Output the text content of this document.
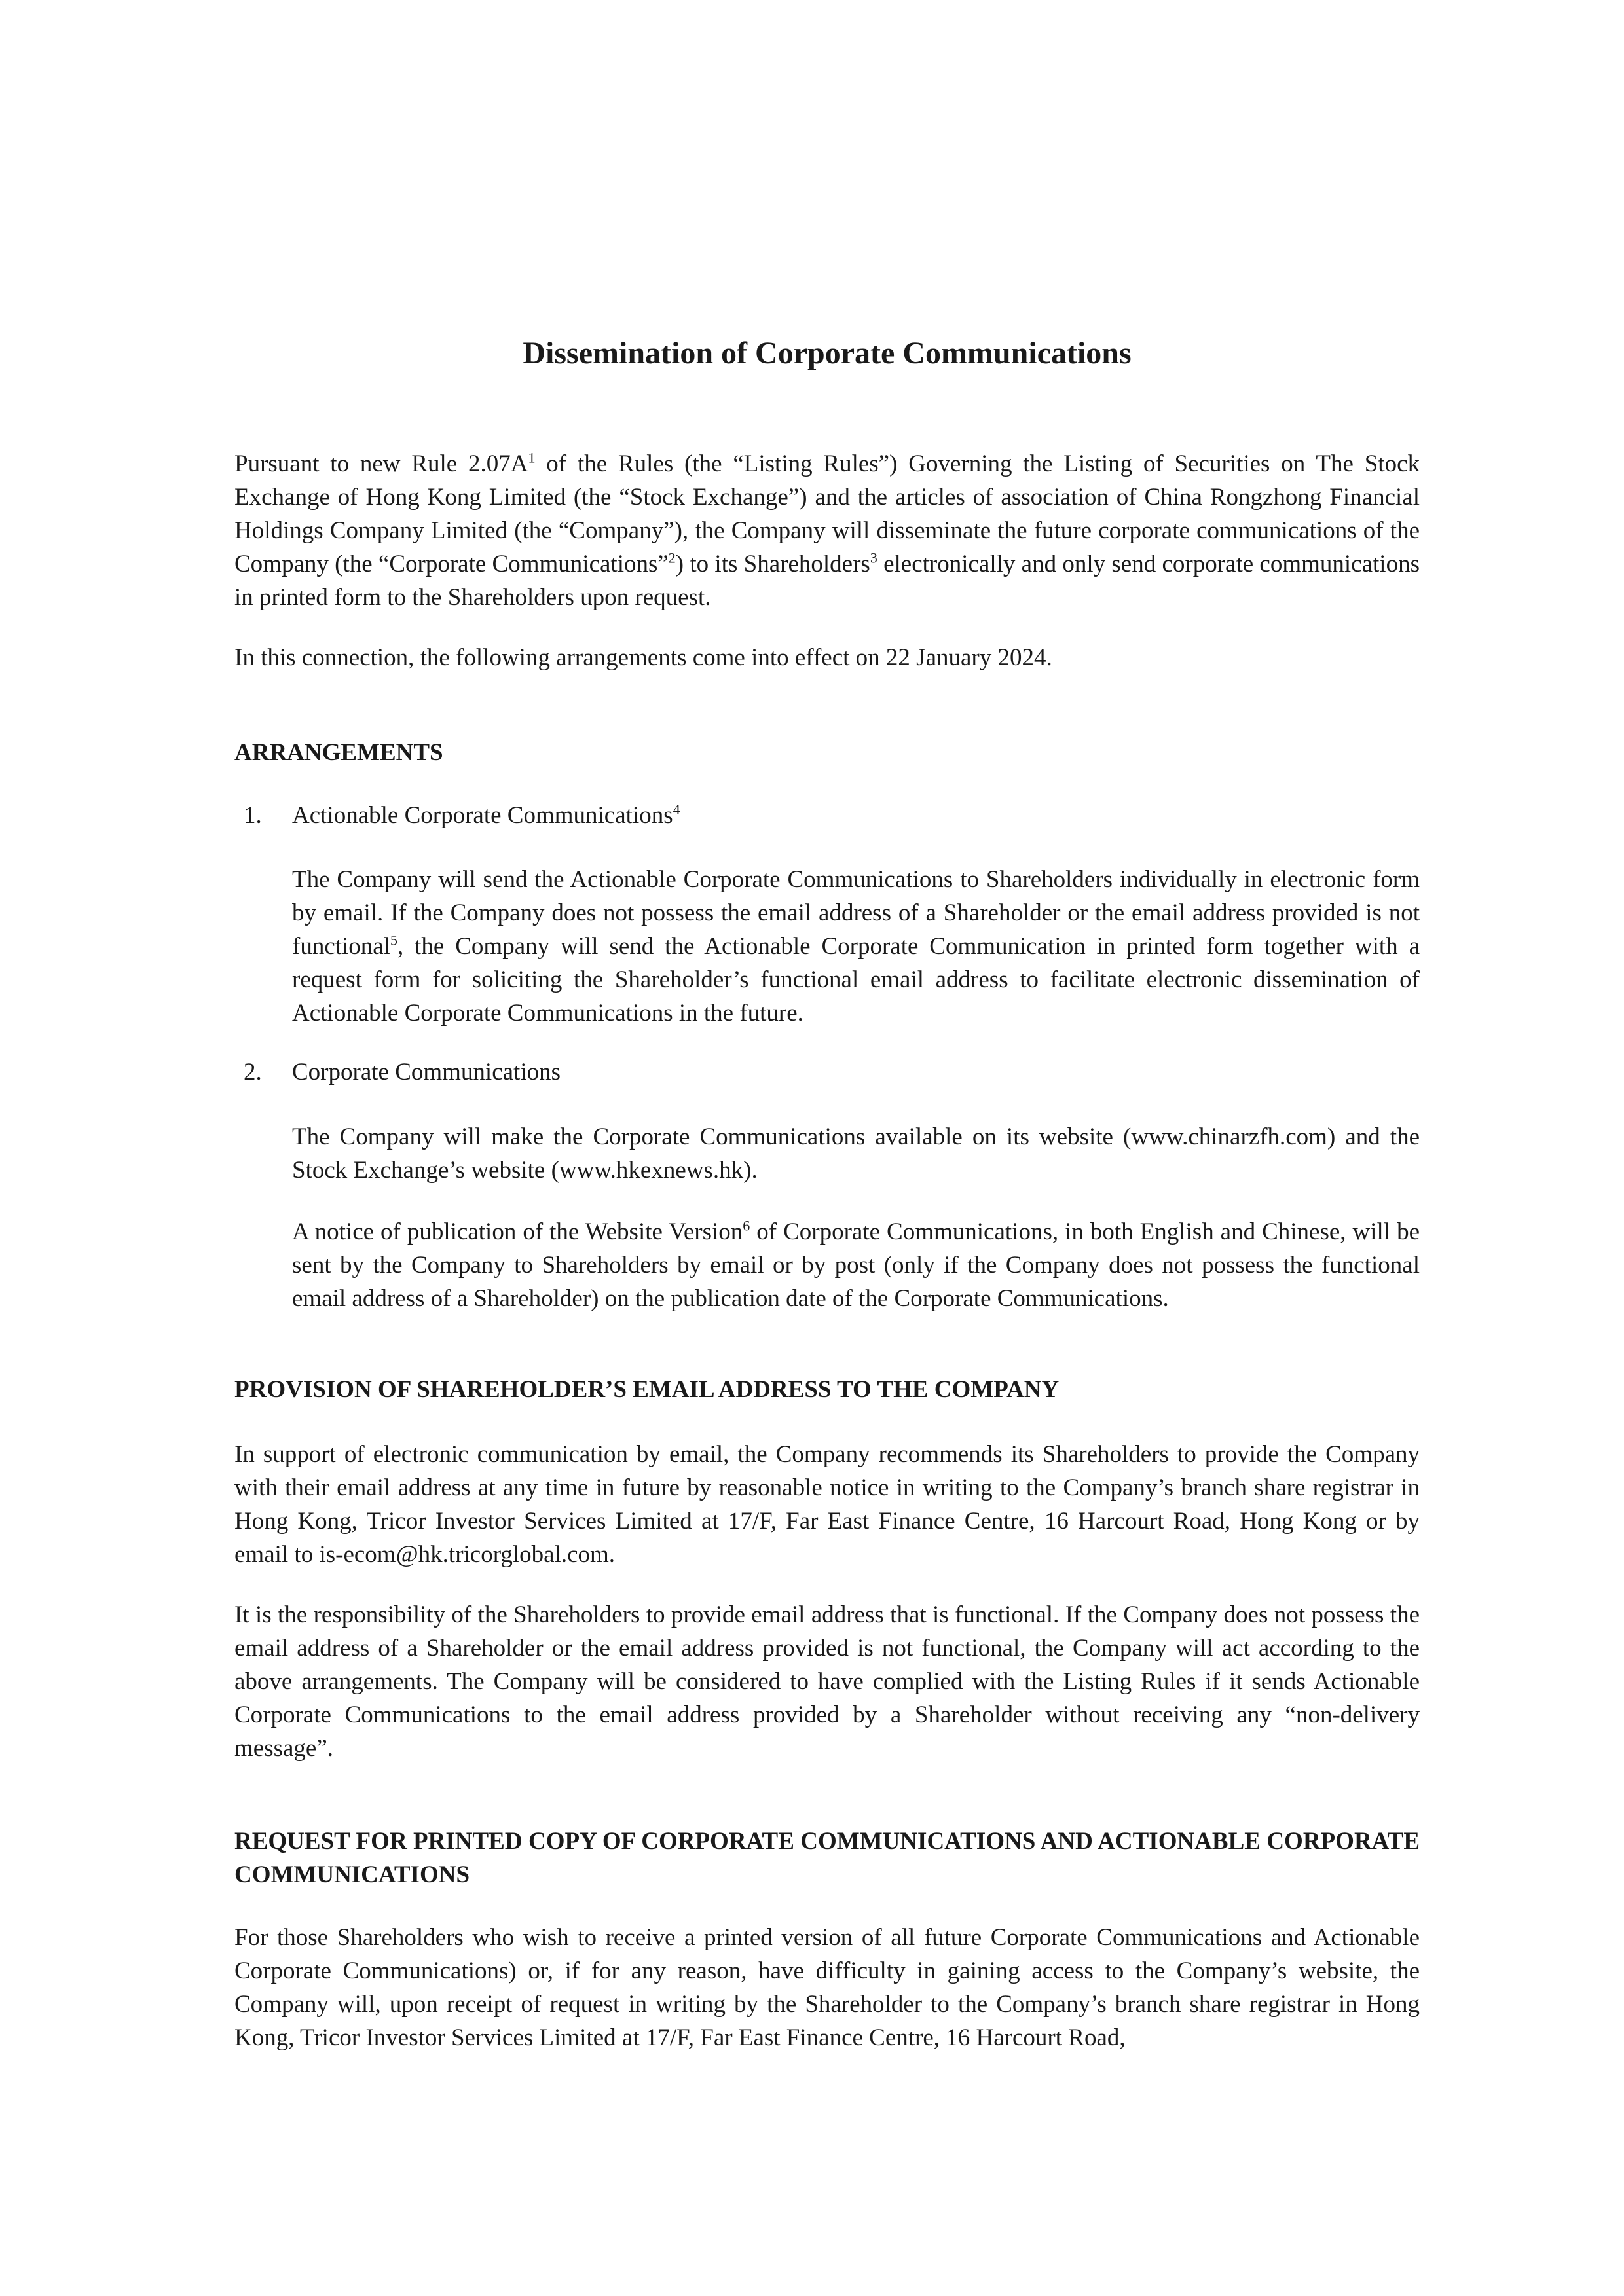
Dissemination of Corporate Communications

Pursuant to new Rule $2.07A^1$ of the Rules (the “Listing Rules”) Governing the Listing of Securities on The Stock Exchange of Hong Kong Limited (the “Stock Exchange”) and the articles of association of China Rongzhong Financial Holdings Company Limited (the “Company”), the Company will disseminate the future corporate communications of the Company (the “Corporate Communications”$^2$) to its Shareholders$^3$ electronically and only send corporate communications in printed form to the Shareholders upon request.

In this connection, the following arrangements come into effect on 22 January 2024.

ARRANGEMENTS
1. Actionable Corporate Communications$^4$

The Company will send the Actionable Corporate Communications to Shareholders individually in electronic form by email. If the Company does not possess the email address of a Shareholder or the email address provided is not functional$^5$, the Company will send the Actionable Corporate Communication in printed form together with a request form for soliciting the Shareholder’s functional email address to facilitate electronic dissemination of Actionable Corporate Communications in the future.

2. Corporate Communications

The Company will make the Corporate Communications available on its website (www.chinarzfh.com) and the Stock Exchange’s website (www.hkexnews.hk).

A notice of publication of the Website Version$^6$ of Corporate Communications, in both English and Chinese, will be sent by the Company to Shareholders by email or by post (only if the Company does not possess the functional email address of a Shareholder) on the publication date of the Corporate Communications.

PROVISION OF SHAREHOLDER’S EMAIL ADDRESS TO THE COMPANY

In support of electronic communication by email, the Company recommends its Shareholders to provide the Company with their email address at any time in future by reasonable notice in writing to the Company’s branch share registrar in Hong Kong, Tricor Investor Services Limited at 17/F, Far East Finance Centre, 16 Harcourt Road, Hong Kong or by email to is-ecom@hk.tricorglobal.com.

It is the responsibility of the Shareholders to provide email address that is functional. If the Company does not possess the email address of a Shareholder or the email address provided is not functional, the Company will act according to the above arrangements. The Company will be considered to have complied with the Listing Rules if it sends Actionable Corporate Communications to the email address provided by a Shareholder without receiving any “non-delivery message”.

REQUEST FOR PRINTED COPY OF CORPORATE COMMUNICATIONS AND ACTIONABLE CORPORATE COMMUNICATIONS

For those Shareholders who wish to receive a printed version of all future Corporate Communications and Actionable Corporate Communications) or, if for any reason, have difficulty in gaining access to the Company’s website, the Company will, upon receipt of request in writing by the Shareholder to the Company’s branch share registrar in Hong Kong, Tricor Investor Services Limited at 17/F, Far East Finance Centre, 16 Harcourt Road,
